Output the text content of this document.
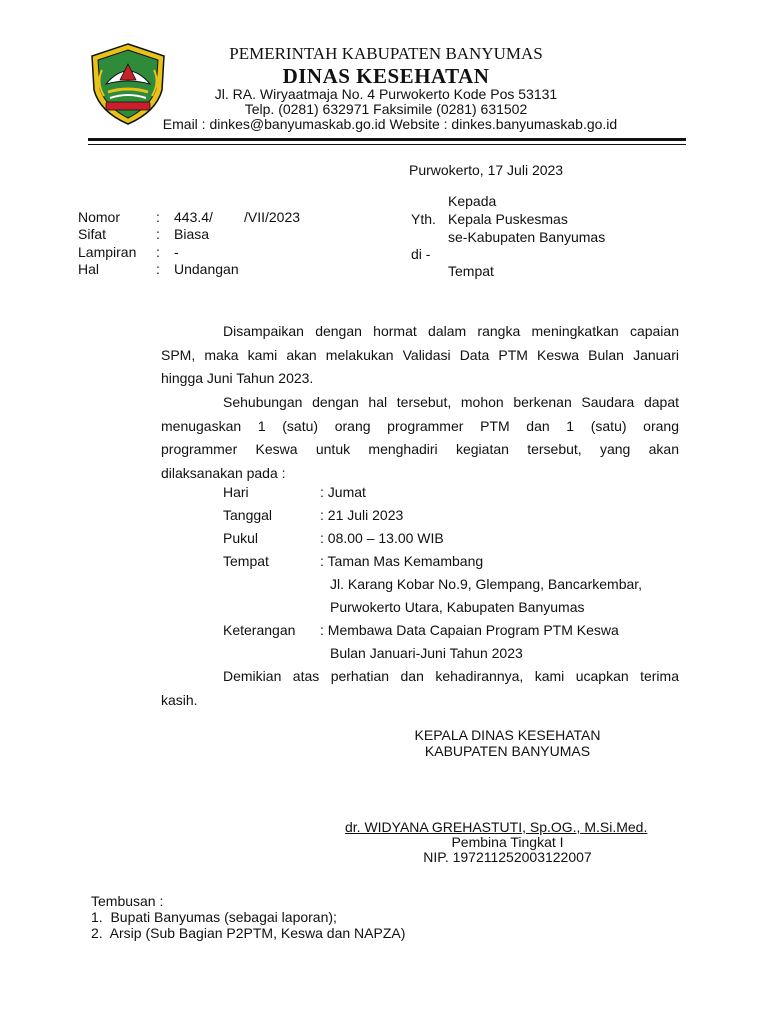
PEMERINTAH KABUPATEN BANYUMAS
DINAS KESEHATAN
Jl. RA. Wiryaatmaja No. 4 Purwokerto Kode Pos 53131
Telp. (0281) 632971 Faksimile (0281) 631502
Email : dinkes@banyumaskab.go.id Website : dinkes.banyumaskab.go.id
Purwokerto, 17 Juli 2023
Nomor	: 443.4/ /VII/2023
Sifat	: Biasa
Lampiran : -
Hal	: Undangan
Kepada
Yth. Kepala Puskesmas
se-Kabupaten Banyumas
di -
Tempat
Disampaikan dengan hormat dalam rangka meningkatkan capaian
SPM, maka kami akan melakukan Validasi Data PTM Keswa Bulan Januari
hingga Juni Tahun 2023.
Sehubungan dengan hal tersebut, mohon berkenan Saudara dapat
menugaskan 1 (satu) orang programmer PTM dan 1 (satu) orang
programmer Keswa untuk menghadiri kegiatan tersebut, yang akan
dilaksanakan pada :
Hari	: Jumat
Tanggal	: 21 Juli 2023
Pukul	: 08.00 – 13.00 WIB
Tempat	: Taman Mas Kemambang
Jl. Karang Kobar No.9, Glempang, Bancarkembar,
Purwokerto Utara, Kabupaten Banyumas
Keterangan : Membawa Data Capaian Program PTM Keswa
Bulan Januari-Juni Tahun 2023
Demikian atas perhatian dan kehadirannya, kami ucapkan terima
kasih.
KEPALA DINAS KESEHATAN
KABUPATEN BANYUMAS
dr. WIDYANA GREHASTUTI, Sp.OG., M.Si.Med.
Pembina Tingkat I
NIP. 197211252003122007
Tembusan :
1.  Bupati Banyumas (sebagai laporan);
2.  Arsip (Sub Bagian P2PTM, Keswa dan NAPZA)
